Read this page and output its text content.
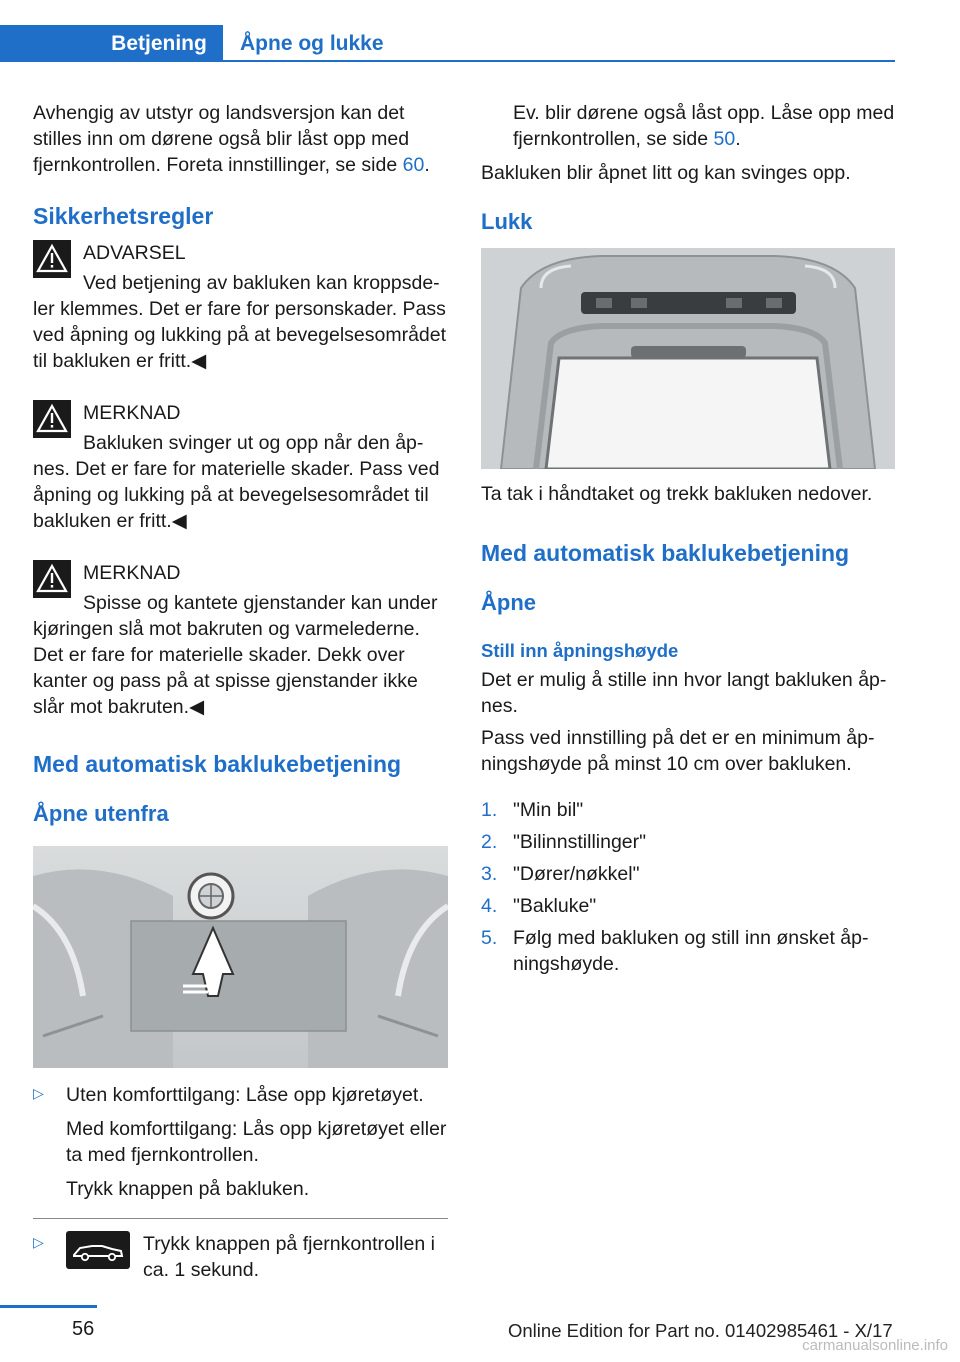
Betjening	Åpne og lukke

Avhengig av utstyr og landsversjon kan det stilles inn om dørene også blir låst opp med fjernkontrollen. Foreta innstillinger, se side 60.

Sikkerhetsregler

ADVARSEL

Ved betjening av bakluken kan kroppsde-

ler klemmes. Det er fare for personskader. Pass ved åpning og lukking på at bevegelsesområdet til bakluken er fritt.◀

MERKNAD

Bakluken svinger ut og opp når den åp-

nes. Det er fare for materielle skader. Pass ved åpning og lukking på at bevegelsesområdet til bakluken er fritt.◀

MERKNAD

Spisse og kantete gjenstander kan under

kjøringen slå mot bakruten og varmelederne. Det er fare for materielle skader. Dekk over kanter og pass på at spisse gjenstander ikke slår mot bakruten.◀

Med automatisk baklukebetjening
Åpne utenfra
▷ Uten komforttilgang: Låse opp kjøretøyet.

Med komforttilgang: Lås opp kjøretøyet eller ta med fjernkontrollen.

Trykk knappen på bakluken.

▷	Trykk knappen på fjernkontrollen i ca. 1 sekund.

Ev. blir dørene også låst opp. Låse opp med fjernkontrollen, se side 50.

Bakluken blir åpnet litt og kan svinges opp.

Lukk

Ta tak i håndtaket og trekk bakluken nedover.

Med automatisk baklukebetjening
Åpne
Still inn åpningshøyde

Det er mulig å stille inn hvor langt bakluken åpnes.

Pass ved innstilling på det er en minimum åpningshøyde på minst 10 cm over bakluken.

1. "Min bil"
2. "Bilinnstillinger"
3. "Dører/nøkkel"
4. "Bakluke"
5. Følg med bakluken og still inn ønsket åpningshøyde.
56	Online Edition for Part no. 01402985461 - X/17
carmanualsonline.info
